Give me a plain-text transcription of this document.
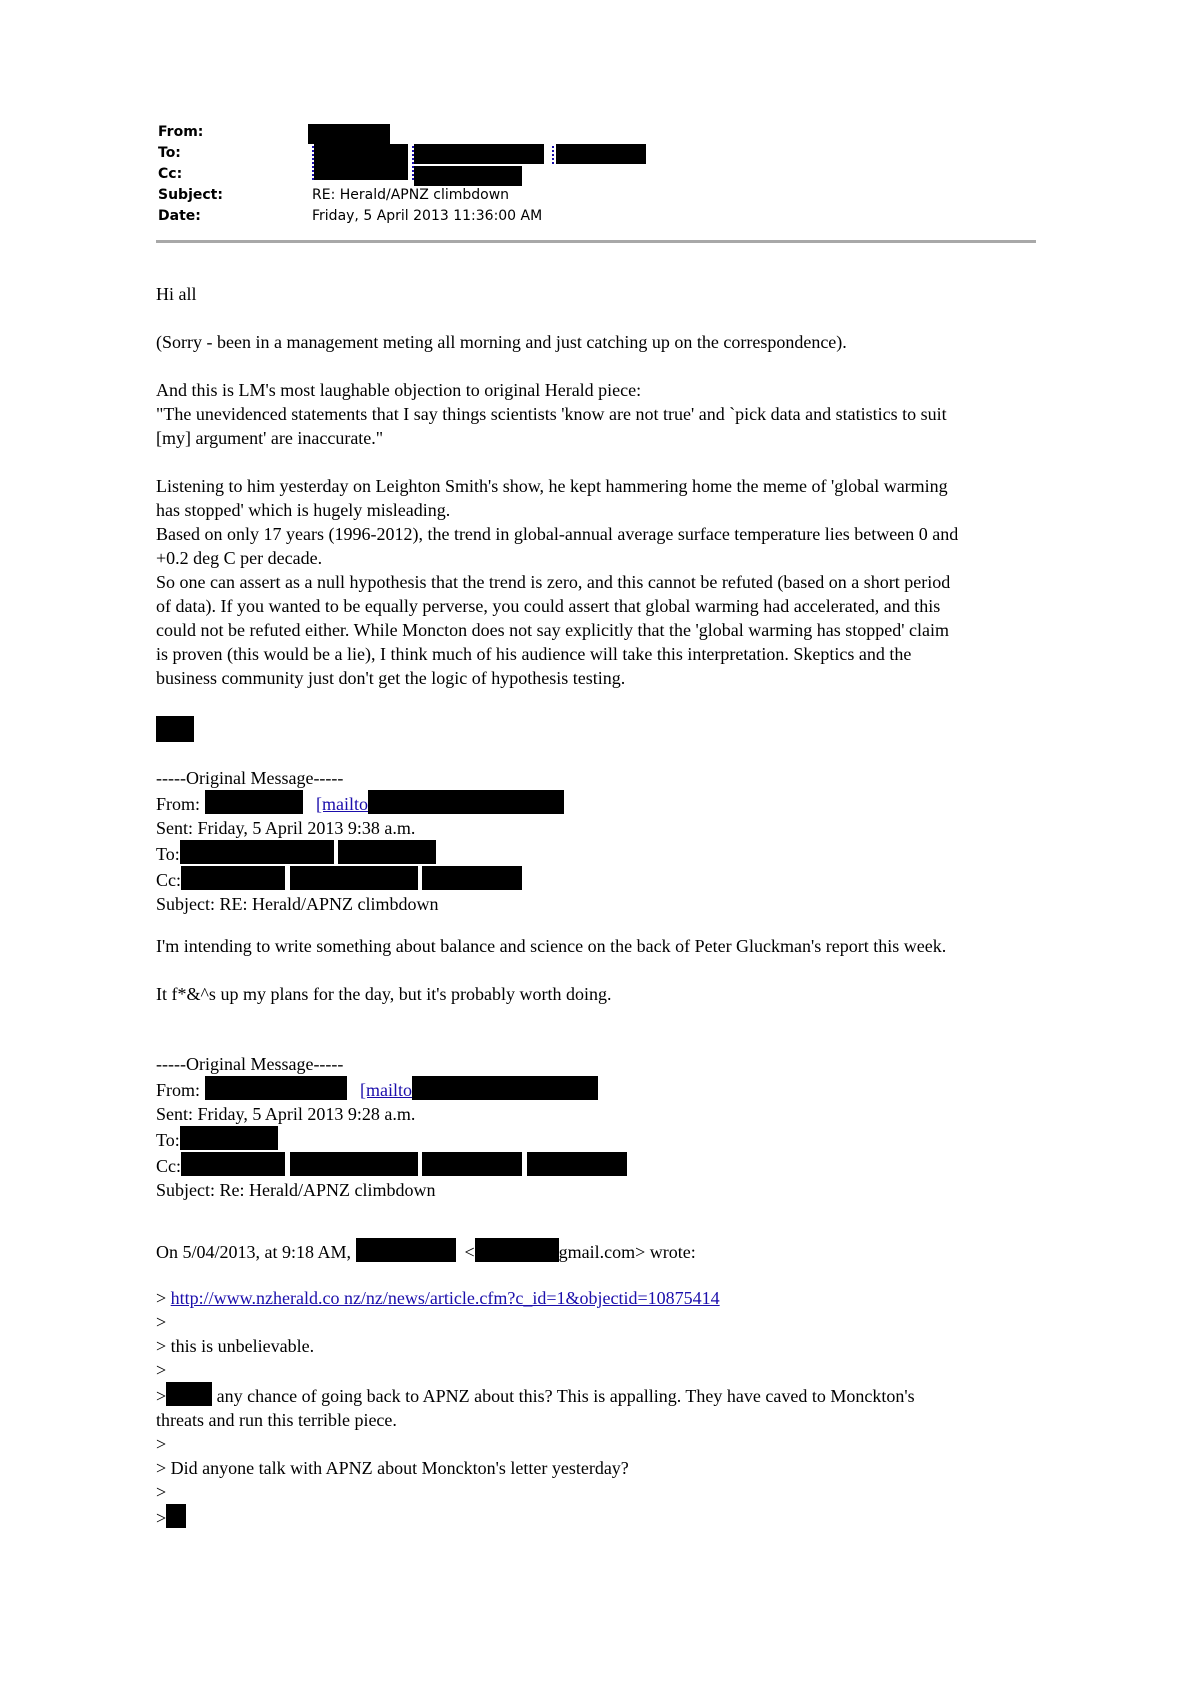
From:
To:
Cc:
Subject:	RE: Herald/APNZ climbdown
Date:	Friday, 5 April 2013 11:36:00 AM

Hi all

(Sorry - been in a management meting all morning and just catching up on the correspondence).

And this is LM's most laughable objection to original Herald piece:

"The unevidenced statements that I say things scientists 'know are not true' and `pick data and statistics to suit

[my] argument' are inaccurate."

Listening to him yesterday on Leighton Smith's show, he kept hammering home the meme of 'global warming

has stopped' which is hugely misleading.

Based on only 17 years (1996-2012), the trend in global-annual average surface temperature lies between 0 and

+0.2 deg C per decade.

So one can assert as a null hypothesis that the trend is zero, and this cannot be refuted (based on a short period

of data). If you wanted to be equally perverse, you could assert that global warming had accelerated, and this

could not be refuted either. While Moncton does not say explicitly that the 'global warming has stopped' claim

is proven (this would be a lie), I think much of his audience will take this interpretation. Skeptics and the

business community just don't get the logic of hypothesis testing.

-----Original Message-----

From:	[mailto

Sent: Friday, 5 April 2013 9:38 a.m.

To:

Cc:

Subject: RE: Herald/APNZ climbdown

I'm intending to write something about balance and science on the back of Peter Gluckman's report this week.

It f*&^s up my plans for the day, but it's probably worth doing.

-----Original Message-----

From:	[mailto

Sent: Friday, 5 April 2013 9:28 a.m.

To:

Cc:

Subject: Re: Herald/APNZ climbdown

On 5/04/2013, at 9:18 AM,	<	gmail.com> wrote:

> http://www.nzherald.co nz/nz/news/article.cfm?c_id=1&objectid=10875414

>

> this is unbelievable.

>

>	any chance of going back to APNZ about this? This is appalling. They have caved to Monckton's

threats and run this terrible piece.

>

> Did anyone talk with APNZ about Monckton's letter yesterday?

>

>
